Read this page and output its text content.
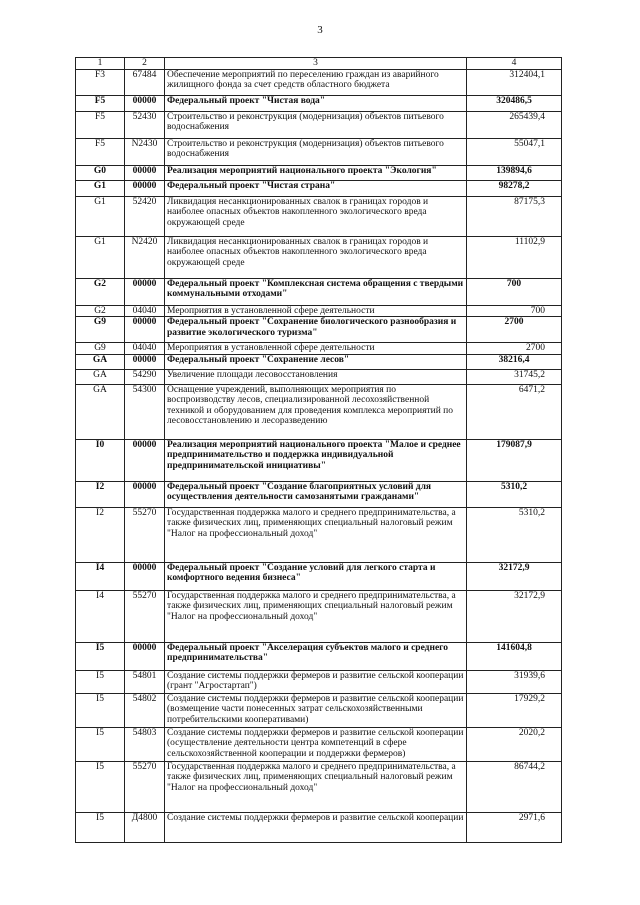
3
1	2	3	4
F3	67484	Обеспечение мероприятий по переселению граждан из аварийного жилищного фонда за счет средств областного бюджета	312404,1
F5	00000	Федеральный проект "Чистая вода"	320486,5
F5	52430	Строительство и реконструкция (модернизация) объектов питьевого водоснабжения	265439,4
F5	N2430	Строительство и реконструкция (модернизация) объектов питьевого водоснабжения	55047,1
G0	00000	Реализация мероприятий национального проекта "Экология"	139894,6
G1	00000	Федеральный проект "Чистая страна"	98278,2
G1	52420	Ликвидация несанкционированных свалок в границах городов и наиболее опасных объектов накопленного экологического вреда окружающей среде	87175,3
G1	N2420	Ликвидация несанкционированных свалок в границах городов и наиболее опасных объектов накопленного экологического вреда окружающей среде	11102,9
G2	00000	Федеральный проект "Комплексная система обращения с твердыми коммунальными отходами"	700
G2	04040	Мероприятия в установленной сфере деятельности	700
G9	00000	Федеральный проект "Сохранение биологического разнообразия и развитие экологического туризма"	2700
G9	04040	Мероприятия в установленной сфере деятельности	2700
GA	00000	Федеральный проект "Сохранение лесов"	38216,4
GA	54290	Увеличение площади лесовосстановления	31745,2
GA	54300	Оснащение учреждений, выполняющих мероприятия по воспроизводству лесов, специализированной лесохозяйственной техникой и оборудованием для проведения комплекса мероприятий по лесовосстановлению и лесоразведению	6471,2
I0	00000	Реализация мероприятий национального проекта "Малое и среднее предпринимательство и поддержка индивидуальной предпринимательской инициативы"	179087,9
I2	00000	Федеральный проект "Создание благоприятных условий для осуществления деятельности самозанятыми гражданами"	5310,2
I2	55270	Государственная поддержка малого и среднего предпринимательства, а также физических лиц, применяющих специальный налоговый режим "Налог на профессиональный доход"	5310,2
I4	00000	Федеральный проект "Создание условий для легкого старта и комфортного ведения бизнеса"	32172,9
I4	55270	Государственная поддержка малого и среднего предпринимательства, а также физических лиц, применяющих специальный налоговый режим "Налог на профессиональный доход"	32172,9
I5	00000	Федеральный проект "Акселерация субъектов малого и среднего предпринимательства"	141604,8
I5	54801	Создание системы поддержки фермеров и развитие сельской кооперации (грант "Агростартап")	31939,6
I5	54802	Создание системы поддержки фермеров и развитие сельской кооперации (возмещение части понесенных затрат сельскохозяйственными потребительскими кооперативами)	17929,2
I5	54803	Создание системы поддержки фермеров и развитие сельской кооперации (осуществление деятельности центра компетенций в сфере сельскохозяйственной кооперации и поддержки фермеров)	2020,2
I5	55270	Государственная поддержка малого и среднего предпринимательства, а также физических лиц, применяющих специальный налоговый режим "Налог на профессиональный доход"	86744,2
I5	Д4800	Создание системы поддержки фермеров и развитие сельской кооперации	2971,6
